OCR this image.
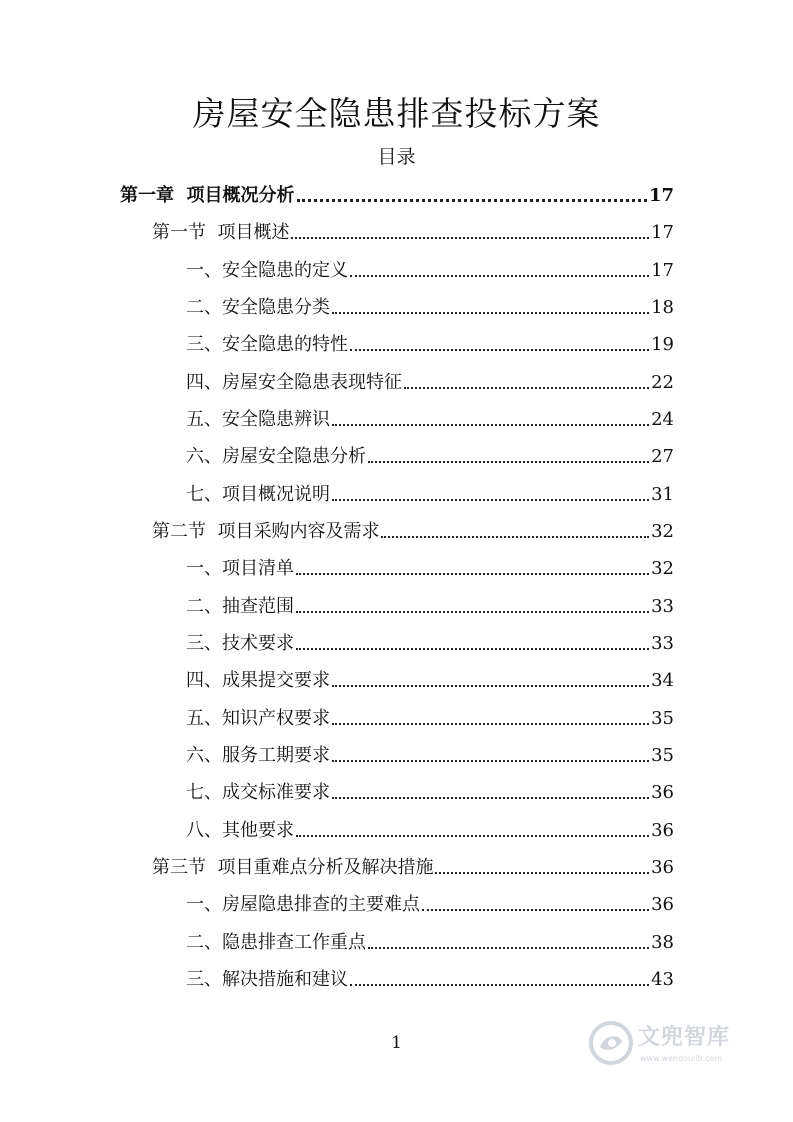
房屋安全隐患排查投标方案
目录
第一章  项目概况分析	17
第一节  项目概述	17
一、安全隐患的定义	17
二、安全隐患分类	18
三、安全隐患的特性	19
四、房屋安全隐患表现特征	22
五、安全隐患辨识	24
六、房屋安全隐患分析	27
七、项目概况说明	31
第二节  项目采购内容及需求	32
一、项目清单	32
二、抽查范围	33
三、技术要求	33
四、成果提交要求	34
五、知识产权要求	35
六、服务工期要求	35
七、成交标准要求	36
八、其他要求	36
第三节  项目重难点分析及解决措施	36
一、房屋隐患排查的主要难点	36
二、隐患排查工作重点	38
三、解决措施和建议	43
1	文兜智库
www.wendoulib.com
